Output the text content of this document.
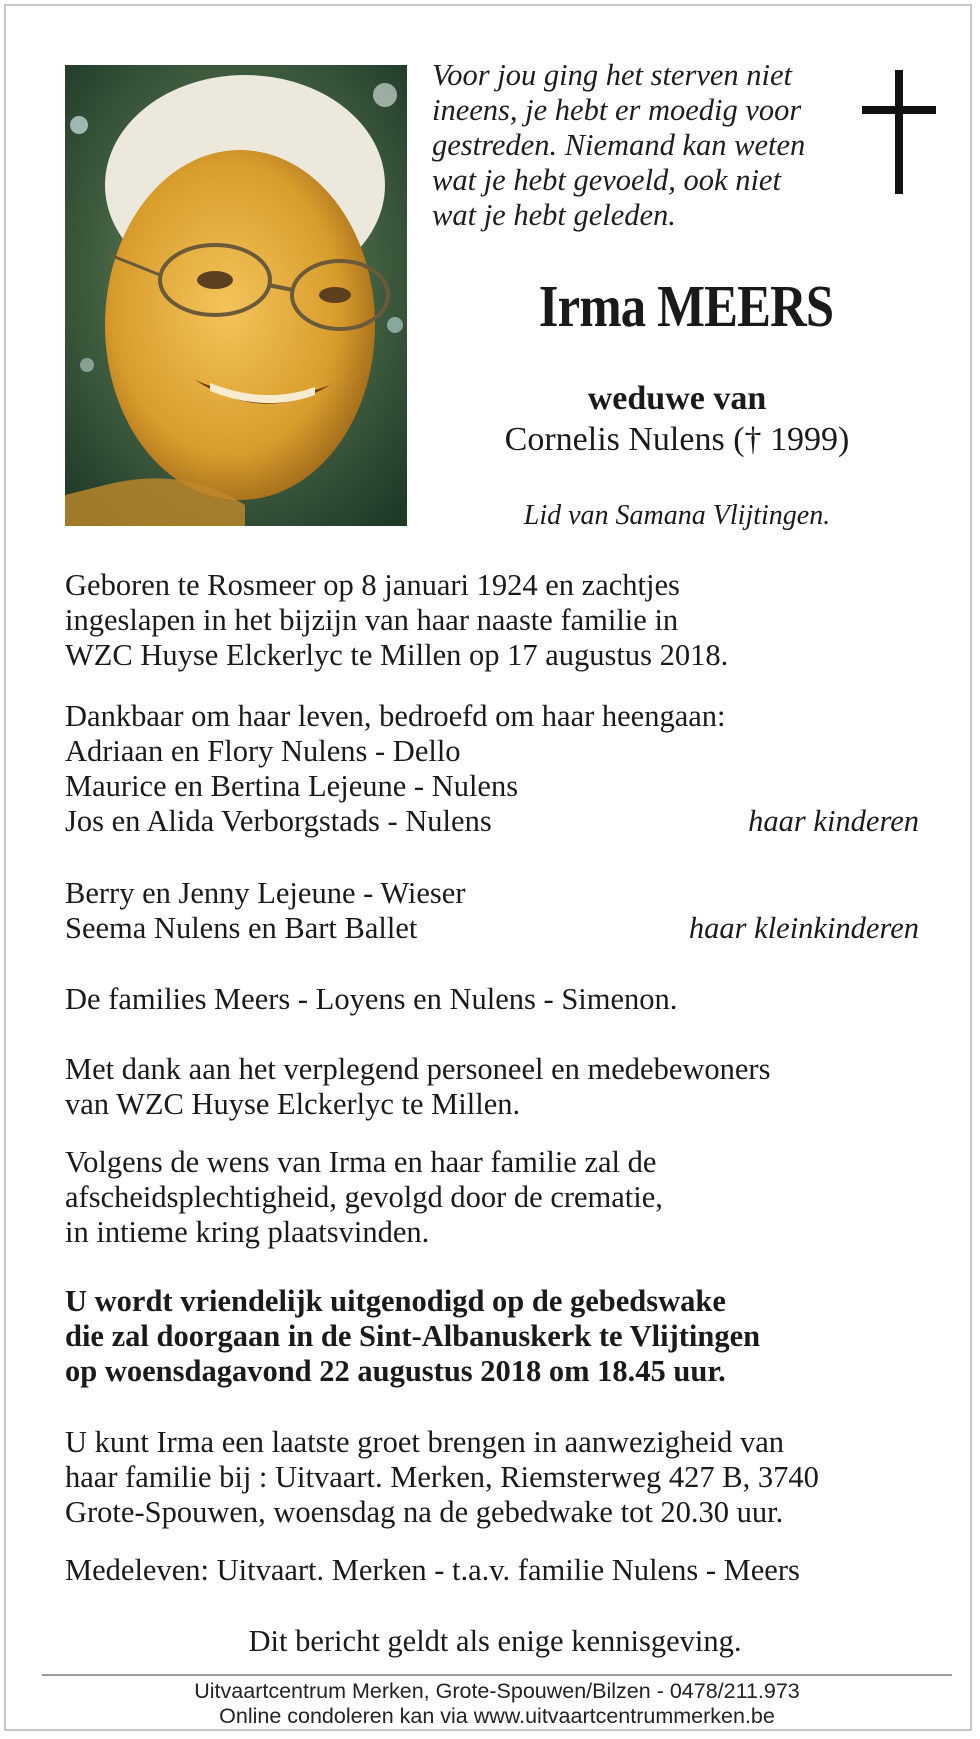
Voor jou ging het sterven niet
ineens, je hebt er moedig voor
gestreden. Niemand kan weten
wat je hebt gevoeld, ook niet
wat je hebt geleden.
Irma MEERS
weduwe van
Cornelis Nulens († 1999)
Lid van Samana Vlijtingen.
Geboren te Rosmeer op 8 januari 1924 en zachtjes
ingeslapen in het bijzijn van haar naaste familie in
WZC Huyse Elckerlyc te Millen op 17 augustus 2018.
Dankbaar om haar leven, bedroefd om haar heengaan:
Adriaan en Flory Nulens - Dello
Maurice en Bertina Lejeune - Nulens
Jos en Alida Verborgstads - Nulens	haar kinderen
Berry en Jenny Lejeune - Wieser
Seema Nulens en Bart Ballet	haar kleinkinderen
De families Meers - Loyens en Nulens - Simenon.
Met dank aan het verplegend personeel en medebewoners
van WZC Huyse Elckerlyc te Millen.
Volgens de wens van Irma en haar familie zal de
afscheidsplechtigheid, gevolgd door de crematie,
in intieme kring plaatsvinden.
U wordt vriendelijk uitgenodigd op de gebedswake
die zal doorgaan in de Sint-Albanuskerk te Vlijtingen
op woensdagavond 22 augustus 2018 om 18.45 uur.
U kunt Irma een laatste groet brengen in aanwezigheid van
haar familie bij : Uitvaart. Merken, Riemsterweg 427 B, 3740
Grote-Spouwen, woensdag na de gebedwake tot 20.30 uur.
Medeleven: Uitvaart. Merken - t.a.v. familie Nulens - Meers
Dit bericht geldt als enige kennisgeving.
Uitvaartcentrum Merken, Grote-Spouwen/Bilzen - 0478/211.973
Online condoleren kan via www.uitvaartcentrummerken.be
